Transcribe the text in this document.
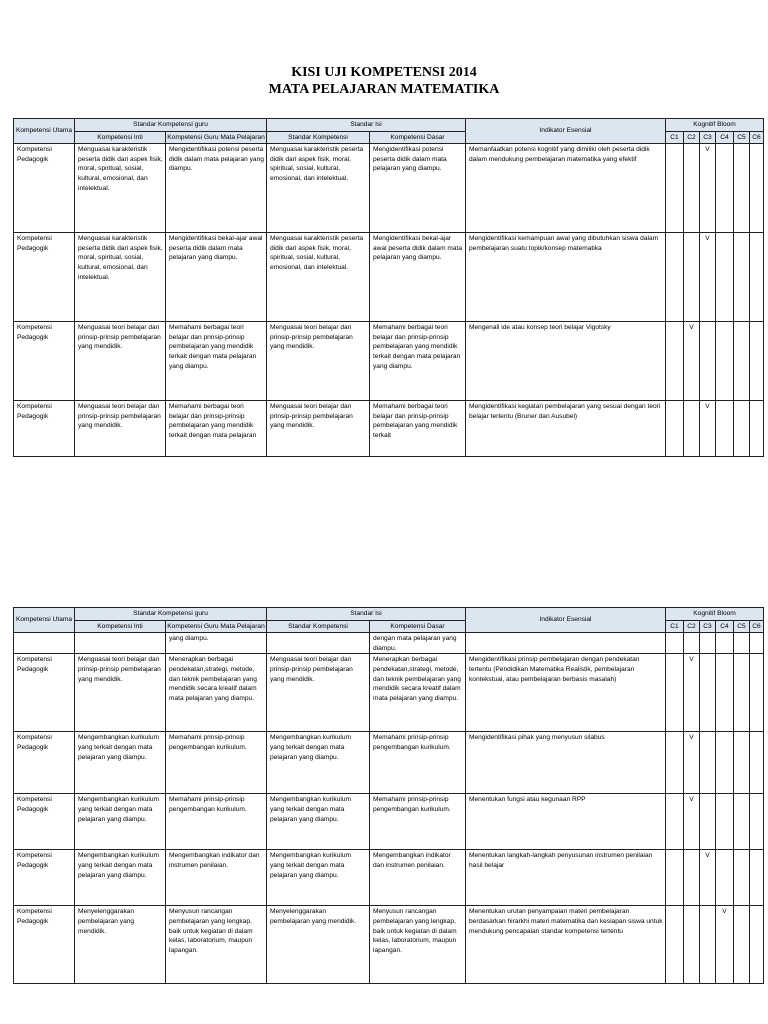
KISI UJI KOMPETENSI 2014
MATA PELAJARAN MATEMATIKA
Kompetensi Utama	Standar Kompetensi guru		Standar Isi		Indikator Esensial	Kognitif Bloom					
	Kompetensi Inti	Kompetensi Guru Mata Pelajaran	Standar Kompetensi	Kompetensi Dasar							
						C1	C2	C3	C4	C5	C6
Kompetensi Pedagogik	Menguasai karakteristik peserta didik dari aspek fisik, moral, spiritual, sosial, kultural, emosional, dan intelektual.	Mengidentifikasi potensi peserta didik dalam mata pelajaran yang diampu.	Menguasai karakteristik peserta didik dari aspek fisik, moral, spiritual, sosial, kultural, emosional, dan intelektual.	Mengidentifikasi potensi peserta didik dalam mata pelajaran yang diampu.	Memanfaatkan potensi kognitif yang dimiliki oleh peserta didik dalam mendukung pembelajaran matematika yang efektif			V			
Kompetensi Pedagogik	Menguasai karakteristik peserta didik dari aspek fisik, moral, spiritual, sosial, kultural, emosional, dan intelektual.	Mengidentifikasi bekal-ajar awal peserta didik dalam mata pelajaran yang diampu.	Menguasai karakteristik peserta didik dari aspek fisik, moral, spiritual, sosial, kultural, emosional, dan intelektual.	Mengidentifikasi bekal-ajar awal peserta didik dalam mata pelajaran yang diampu.	Mengidentifikasi kemampuan awal yang dibutuhkan siswa dalam pembelajaran suatu topik/konsep matematika			V			
Kompetensi Pedagogik	Menguasai teori belajar dan prinsip-prinsip pembelajaran yang mendidik.	Memahami berbagai teori belajar dan prinsip-prinsip pembelajaran yang mendidik terkait dengan mata pelajaran yang diampu.	Menguasai teori belajar dan prinsip-prinsip pembelajaran yang mendidik.	Memahami berbagai teori belajar dan prinsip-prinsip pembelajaran yang mendidik terkait dengan mata pelajaran yang diampu.	Mengenali ide atau konsep teori belajar Vigotsky		V				
Kompetensi Pedagogik	Menguasai teori belajar dan prinsip-prinsip pembelajaran yang mendidik.	Memahami berbagai teori belajar dan prinsip-prinsip pembelajaran yang mendidik terkait dengan mata pelajaran	Menguasai teori belajar dan prinsip-prinsip pembelajaran yang mendidik.	Memahami berbagai teori belajar dan prinsip-prinsip pembelajaran yang mendidik terkait	Mengidentifikasi kegiatan pembelajaran yang sesuai dengan teori belajar tertentu (Bruner dan Ausubel)			V			
Kompetensi Utama	Standar Kompetensi guru		Standar Isi		Indikator Esensial	Kognitif Bloom					
	Kompetensi Inti	Kompetensi Guru Mata Pelajaran	Standar Kompetensi	Kompetensi Dasar							
						C1	C2	C3	C4	C5	C6
		yang diampu.		dengan mata pelajaran yang diampu.							
Kompetensi Pedagogik	Menguasai teori belajar dan prinsip-prinsip pembelajaran yang mendidik.	Menerapkan berbagai pendekatan,strategi, metode, dan teknik pembelajaran yang mendidik secara kreatif dalam mata pelajaran yang diampu.	Menguasai teori belajar dan prinsip-prinsip pembelajaran yang mendidik.	Menerapkan berbagai pendekatan,strategi, metode, dan teknik pembelajaran yang mendidik secara kreatif dalam mata pelajaran yang diampu.	Mengidentifikasi prinsip pembelajaran dengan pendekatan tertentu (Pendidikan Matematika Realistik, pembelajaran kontekstual, atau pembelajaran berbasis masalah)		V				
Kompetensi Pedagogik	Mengembangkan kurikulum yang terkait dengan mata pelajaran yang diampu.	Memahami prinsip-prinsip pengembangan kurikulum.	Mengembangkan kurikulum yang terkait dengan mata pelajaran yang diampu.	Memahami prinsip-prinsip pengembangan kurikulum.	Mengidentifikasi pihak yang menyusun silabus		V				
Kompetensi Pedagogik	Mengembangkan kurikulum yang terkait dengan mata pelajaran yang diampu.	Memahami prinsip-prinsip pengembangan kurikulum.	Mengembangkan kurikulum yang terkait dengan mata pelajaran yang diampu.	Memahami prinsip-prinsip pengembangan kurikulum.	Menentukan fungsi atau kegunaan RPP		V				
Kompetensi Pedagogik	Mengembangkan kurikulum yang terkait dengan mata pelajaran yang diampu.	Mengembangkan indikator dan instrumen penilaian.	Mengembangkan kurikulum yang terkait dengan mata pelajaran yang diampu.	Mengembangkan indikator dan instrumen penilaian.	Menentukan langkah-langkah penyusunan instrumen penilaian hasil belajar			V			
Kompetensi Pedagogik	Menyelenggarakan pembelajaran yang mendidik.	Menyusun rancangan pembelajaran yang lengkap, baik untuk kegiatan di dalam kelas, laboratorium, maupun lapangan.	Menyelenggarakan pembelajaran yang mendidik.	Menyusun rancangan pembelajaran yang lengkap, baik untuk kegiatan di dalam kelas, laboratorium, maupun lapangan.	Menentukan urutan penyampaian materi pembelajaran berdasarkan hirarkhi materi matematika dan kesiapan siswa untuk mendukung pencapaian standar kompetensi tertentu				V		
